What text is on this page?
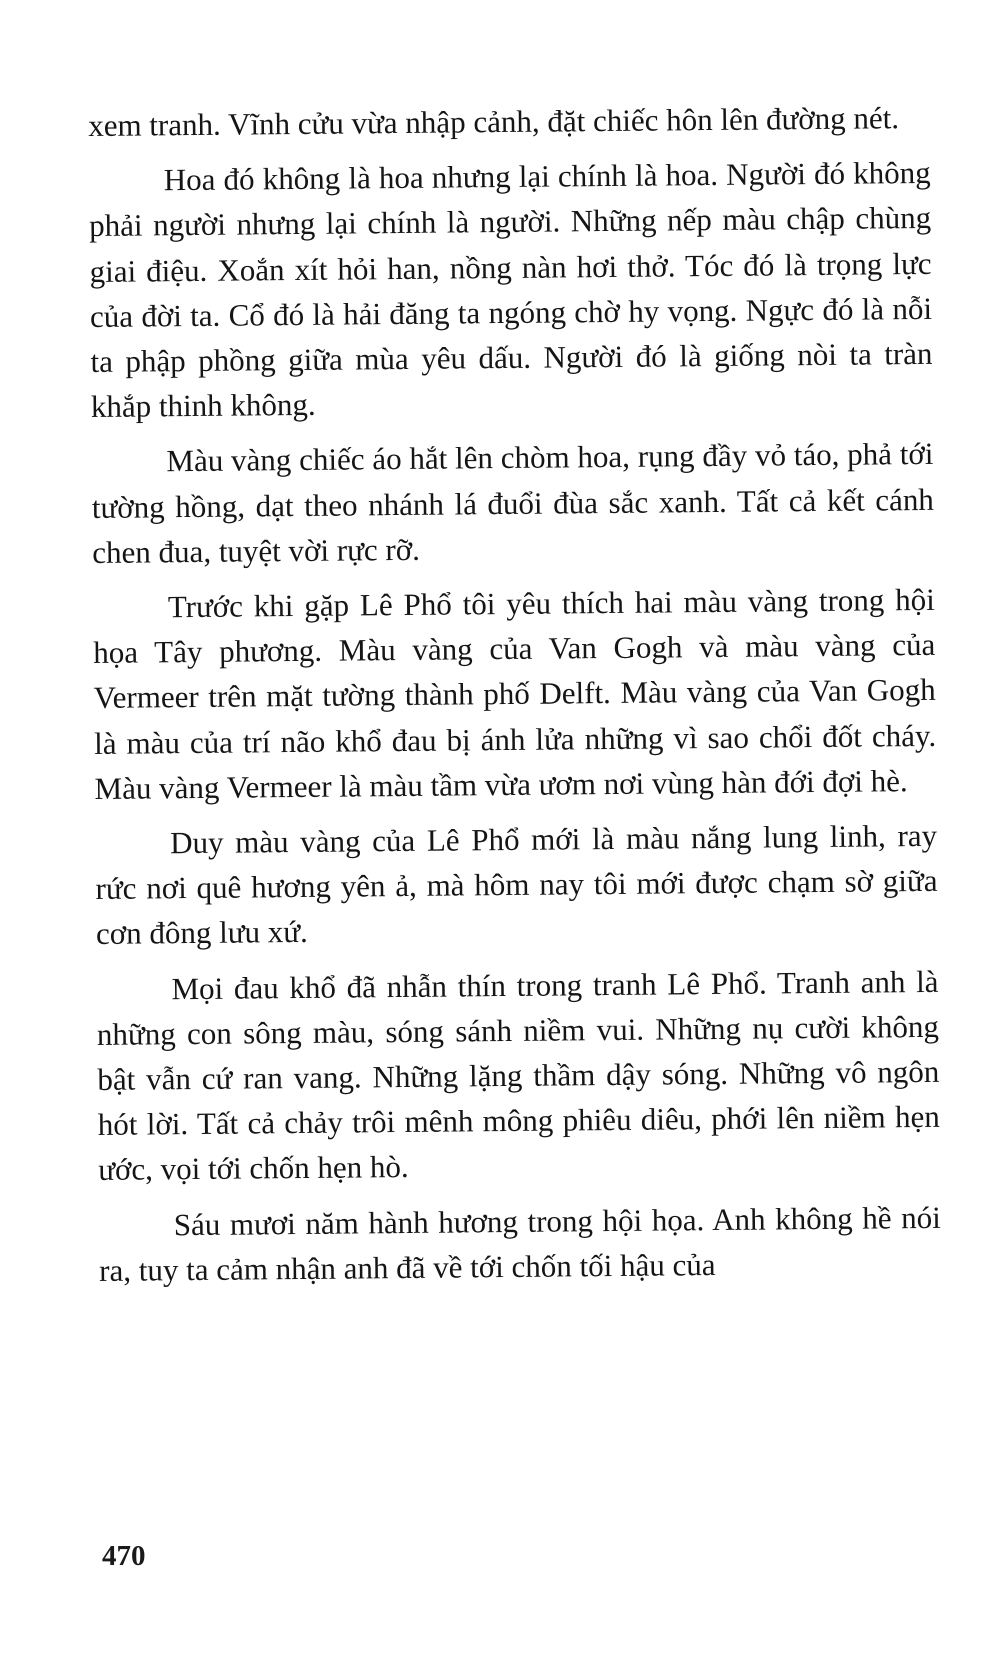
xem tranh. Vĩnh cửu vừa nhập cảnh, đặt chiếc hôn lên đường nét.

Hoa đó không là hoa nhưng lại chính là hoa. Người đó không phải người nhưng lại chính là người. Những nếp màu chập chùng giai điệu. Xoắn xít hỏi han, nồng nàn hơi thở. Tóc đó là trọng lực của đời ta. Cổ đó là hải đăng ta ngóng chờ hy vọng. Ngực đó là nỗi ta phập phồng giữa mùa yêu dấu. Người đó là giống nòi ta tràn khắp thinh không.

Màu vàng chiếc áo hắt lên chòm hoa, rụng đầy vỏ táo, phả tới tường hồng, dạt theo nhánh lá đuổi đùa sắc xanh. Tất cả kết cánh chen đua, tuyệt vời rực rỡ.

Trước khi gặp Lê Phổ tôi yêu thích hai màu vàng trong hội họa Tây phương. Màu vàng của Van Gogh và màu vàng của Vermeer trên mặt tường thành phố Delft. Màu vàng của Van Gogh là màu của trí não khổ đau bị ánh lửa những vì sao chổi đốt cháy. Màu vàng Vermeer là màu tầm vừa ươm nơi vùng hàn đới đợi hè.

Duy màu vàng của Lê Phổ mới là màu nắng lung linh, ray rức nơi quê hương yên ả, mà hôm nay tôi mới được chạm sờ giữa cơn đông lưu xứ.

Mọi đau khổ đã nhẫn thín trong tranh Lê Phổ. Tranh anh là những con sông màu, sóng sánh niềm vui. Những nụ cười không bật vẫn cứ ran vang. Những lặng thầm dậy sóng. Những vô ngôn hót lời. Tất cả chảy trôi mênh mông phiêu diêu, phới lên niềm hẹn ước, vọi tới chốn hẹn hò.

Sáu mươi năm hành hương trong hội họa. Anh không hề nói ra, tuy ta cảm nhận anh đã về tới chốn tối hậu của

470
